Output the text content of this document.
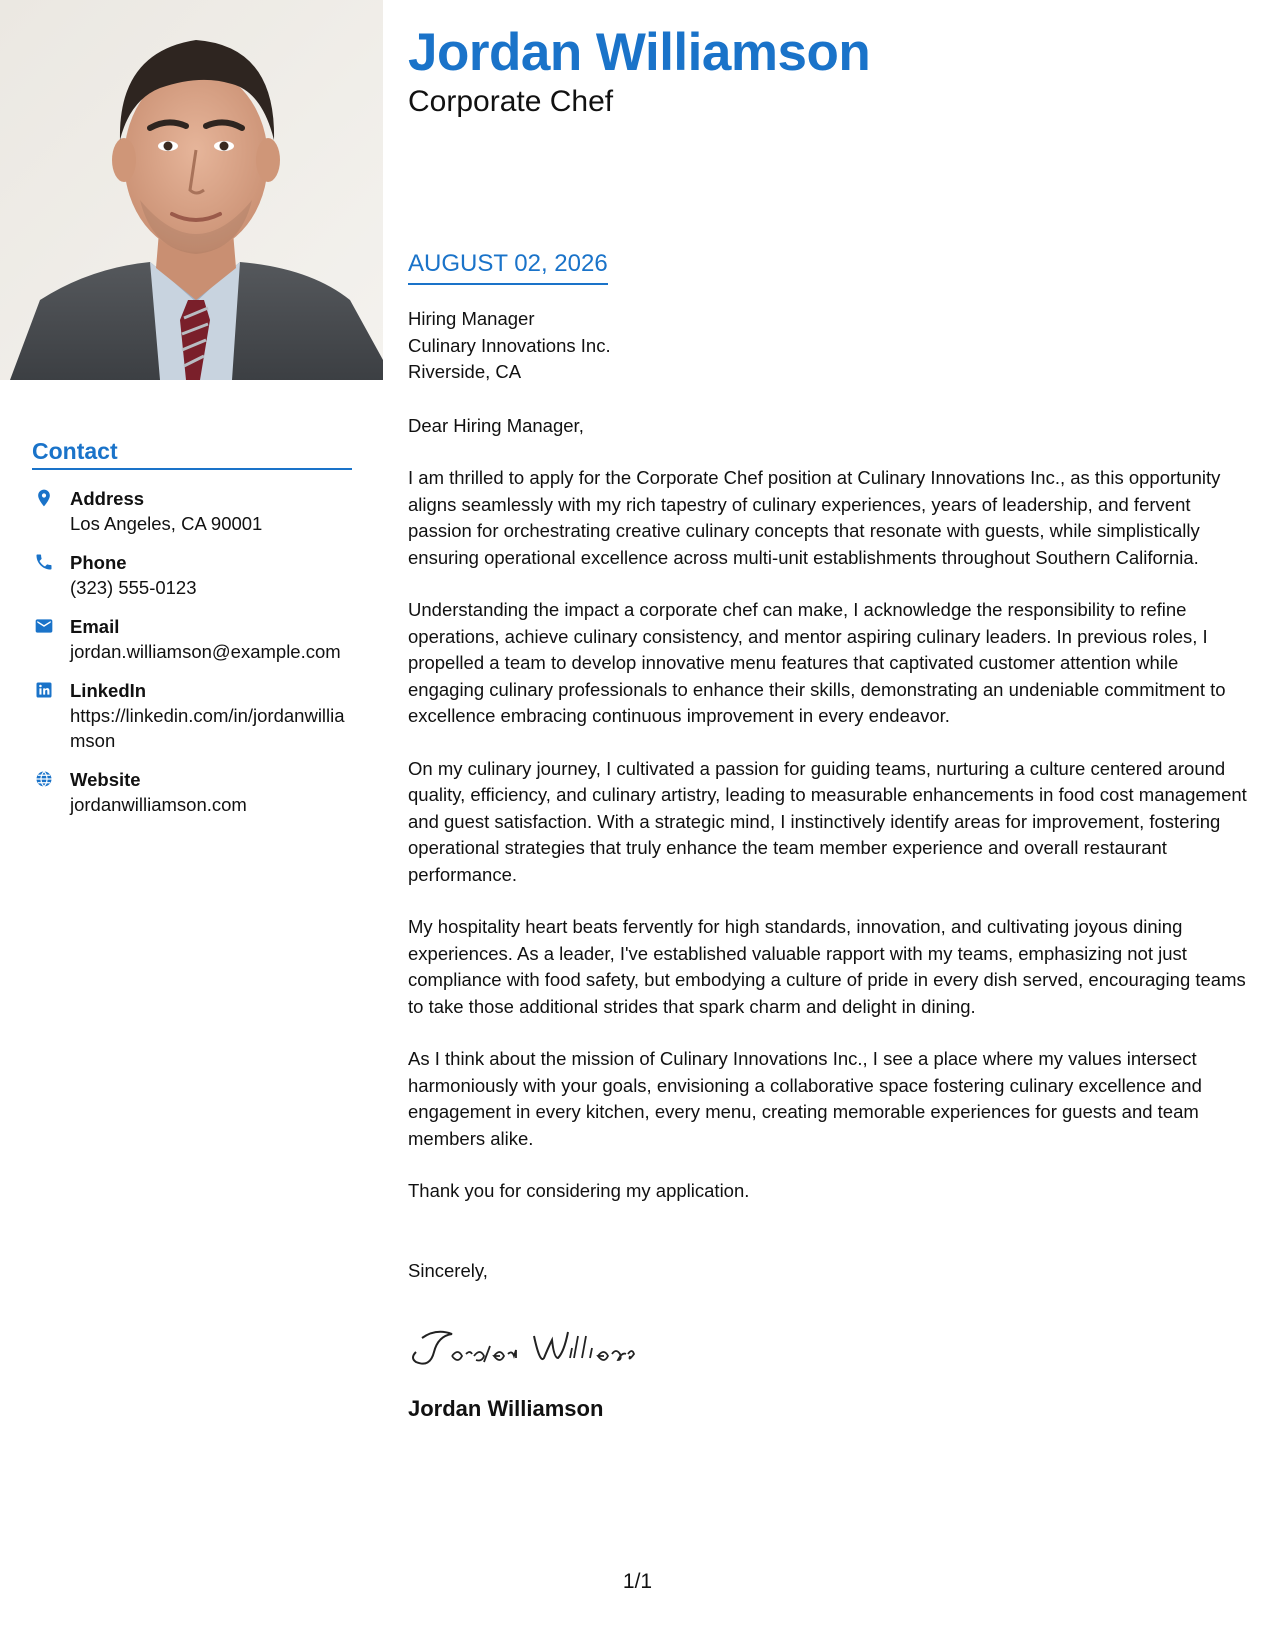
Jordan Williamson
Corporate Chef
Contact
Address
Los Angeles, CA 90001
Phone
(323) 555-0123
Email
jordan.williamson@example.com
LinkedIn
https://linkedin.com/in/jordanwilliamson
Website
jordanwilliamson.com
AUGUST 02, 2026
Hiring Manager
Culinary Innovations Inc.
Riverside, CA

Dear Hiring Manager,

I am thrilled to apply for the Corporate Chef position at Culinary Innovations Inc., as this opportunity aligns seamlessly with my rich tapestry of culinary experiences, years of leadership, and fervent passion for orchestrating creative culinary concepts that resonate with guests, while simplistically ensuring operational excellence across multi-unit establishments throughout Southern California.

Understanding the impact a corporate chef can make, I acknowledge the responsibility to refine operations, achieve culinary consistency, and mentor aspiring culinary leaders. In previous roles, I propelled a team to develop innovative menu features that captivated customer attention while engaging culinary professionals to enhance their skills, demonstrating an undeniable commitment to excellence embracing continuous improvement in every endeavor.

On my culinary journey, I cultivated a passion for guiding teams, nurturing a culture centered around quality, efficiency, and culinary artistry, leading to measurable enhancements in food cost management and guest satisfaction. With a strategic mind, I instinctively identify areas for improvement, fostering operational strategies that truly enhance the team member experience and overall restaurant performance.

My hospitality heart beats fervently for high standards, innovation, and cultivating joyous dining experiences. As a leader, I've established valuable rapport with my teams, emphasizing not just compliance with food safety, but embodying a culture of pride in every dish served, encouraging teams to take those additional strides that spark charm and delight in dining.

As I think about the mission of Culinary Innovations Inc., I see a place where my values intersect harmoniously with your goals, envisioning a collaborative space fostering culinary excellence and engagement in every kitchen, every menu, creating memorable experiences for guests and team members alike.

Thank you for considering my application.

Sincerely,

Jordan Williamson
1/1
